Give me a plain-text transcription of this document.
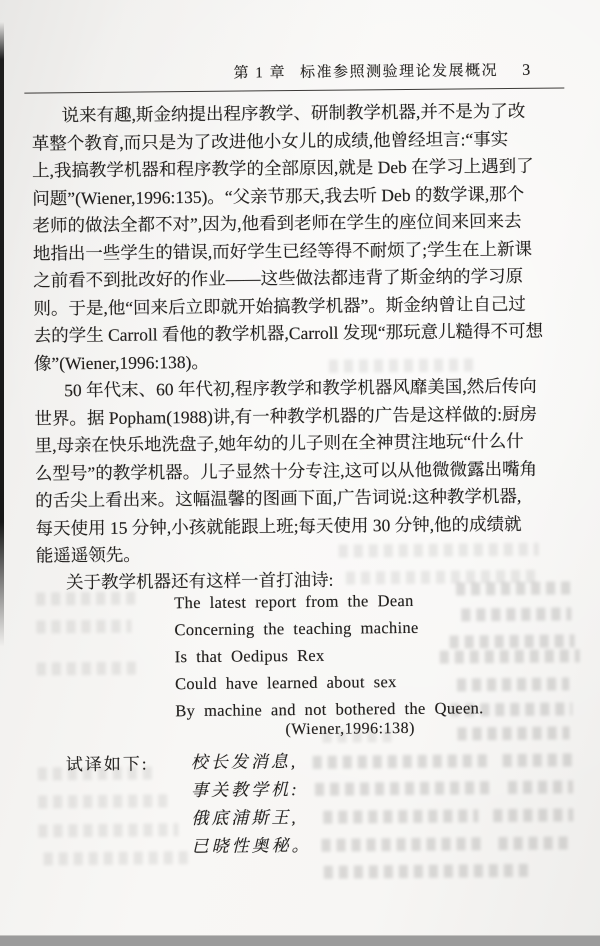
第 1 章 标准参照测验理论发展概况 3
说来有趣,斯金纳提出程序教学、研制教学机器,并不是为了改
革整个教育,而只是为了改进他小女儿的成绩,他曾经坦言:“事实
上,我搞教学机器和程序教学的全部原因,就是 Deb 在学习上遇到了
问题”(Wiener,1996:135)。“父亲节那天,我去听 Deb 的数学课,那个
老师的做法全都不对”,因为,他看到老师在学生的座位间来回来去
地指出一些学生的错误,而好学生已经等得不耐烦了;学生在上新课
之前看不到批改好的作业——这些做法都违背了斯金纳的学习原
则。于是,他“回来后立即就开始搞教学机器”。斯金纳曾让自己过
去的学生 Carroll 看他的教学机器,Carroll 发现“那玩意儿糙得不可想
像”(Wiener,1996:138)。
50 年代末、60 年代初,程序教学和教学机器风靡美国,然后传向
世界。据 Popham(1988)讲,有一种教学机器的广告是这样做的:厨房
里,母亲在快乐地洗盘子,她年幼的儿子则在全神贯注地玩“什么什
么型号”的教学机器。儿子显然十分专注,这可以从他微微露出嘴角
的舌尖上看出来。这幅温馨的图画下面,广告词说:这种教学机器,
每天使用 15 分钟,小孩就能跟上班;每天使用 30 分钟,他的成绩就
能遥遥领先。
关于教学机器还有这样一首打油诗:
The latest report from the Dean
Concerning the teaching machine
Is that Oedipus Rex
Could have learned about sex
By machine and not bothered the Queen.
(Wiener,1996:138)
试译如下: 校长发消息,
事关教学机:
俄底浦斯王,
已晓性奥秘。
